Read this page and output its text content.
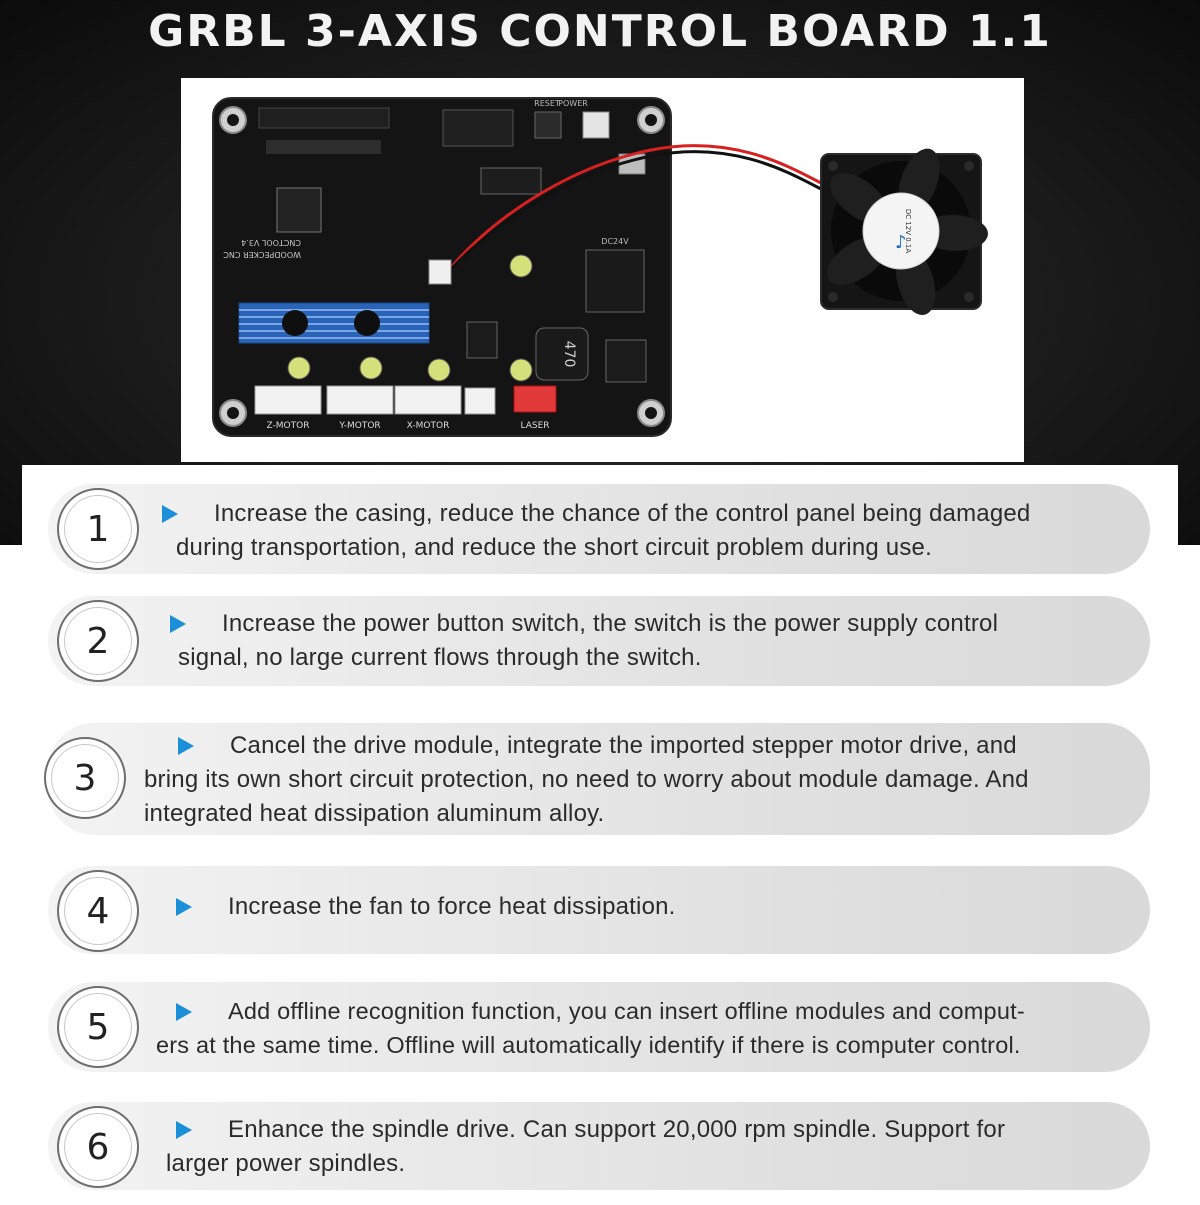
GRBL 3-AXIS CONTROL BOARD 1.1
POWER
RESET
DC24V
WOODPECKER CNC
CNCTOOL V3.4
470
Z-MOTOR	Y-MOTOR	X-MOTOR	LASER
DC 12V 0.1A
♪
1	Increase the casing, reduce the chance of the control panel being damaged
during transportation, and reduce the short circuit problem during use.
2	Increase the power button switch, the switch is the power supply control
signal, no large current flows through the switch.
3
Cancel the drive module, integrate the imported stepper motor drive, and
bring its own short circuit protection, no need to worry about module damage. And
integrated heat dissipation aluminum alloy.
4	Increase the fan to force heat dissipation.
5	Add offline recognition function, you can insert offline modules and comput-
ers at the same time. Offline will automatically identify if there is computer control.
6	Enhance the spindle drive. Can support 20,000 rpm spindle. Support for
larger power spindles.
